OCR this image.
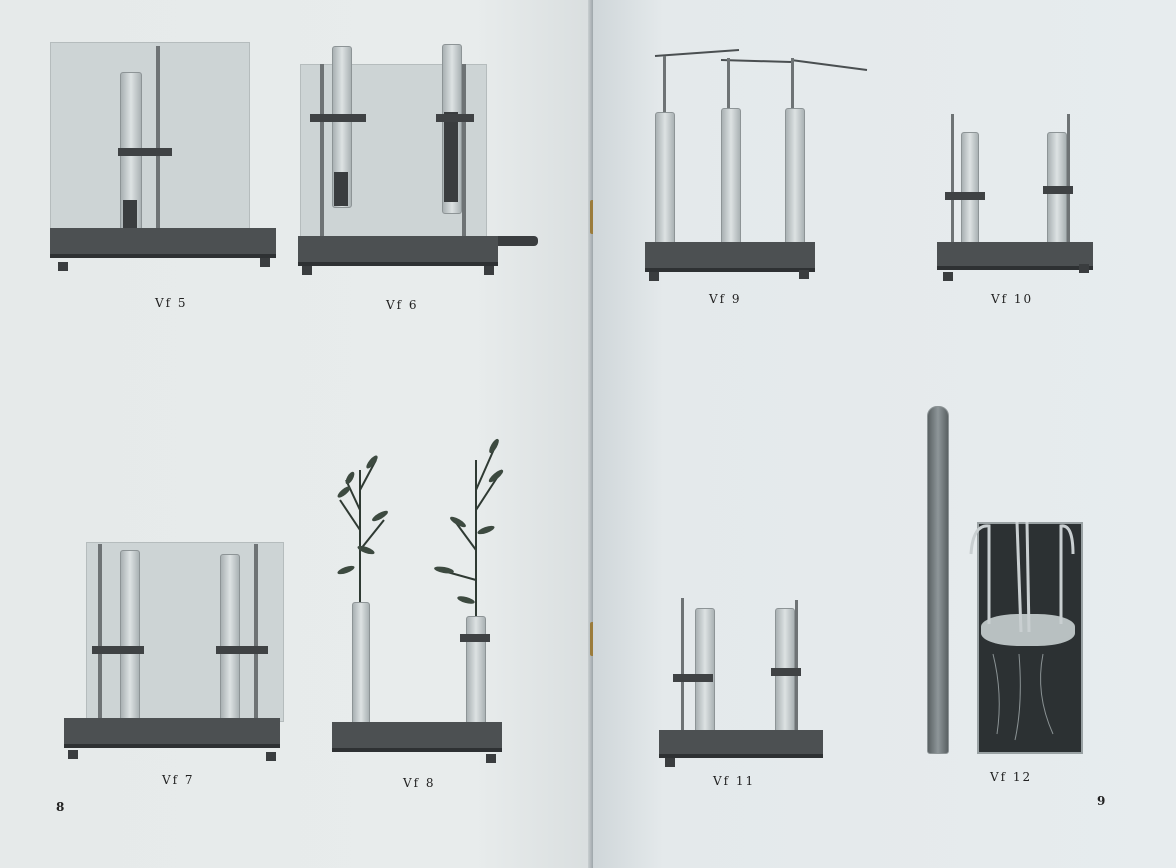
Vf 5	Vf 6
Vf 7	Vf 8
8
Vf 9	Vf 10
Vf 11	Vf 12
9
